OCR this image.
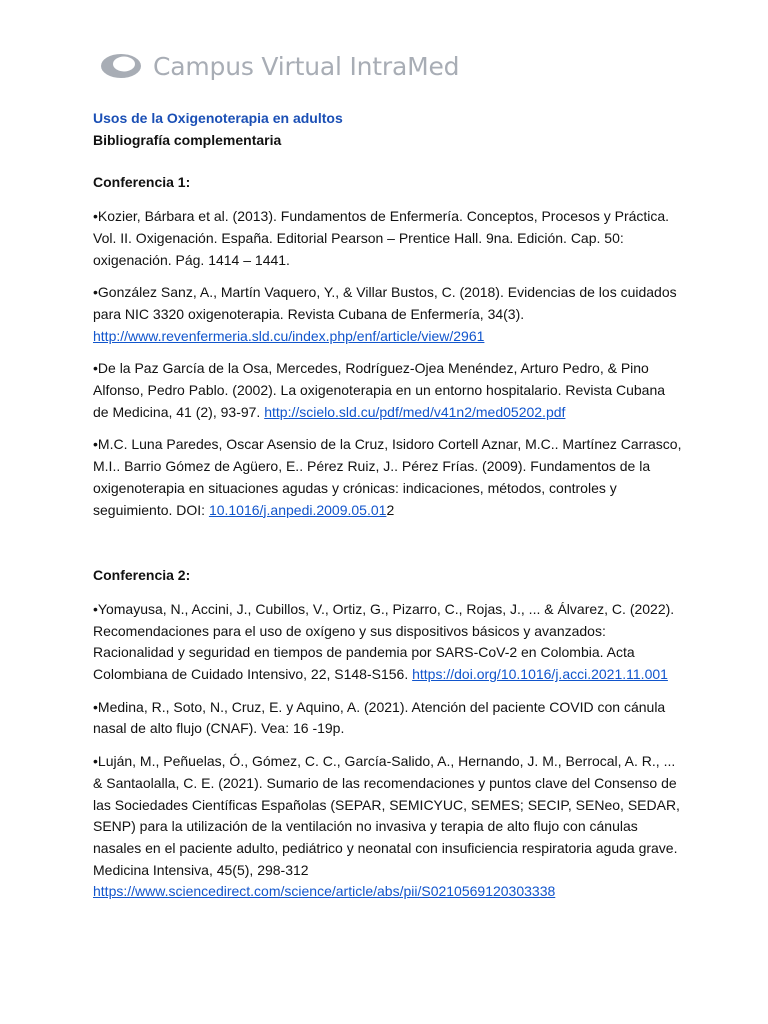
Campus Virtual IntraMed

Usos de la Oxigenoterapia en adultos

Bibliografía complementaria

Conferencia 1:

•Kozier, Bárbara et al. (2013). Fundamentos de Enfermería. Conceptos, Procesos y Práctica. Vol. II. Oxigenación. España. Editorial Pearson – Prentice Hall. 9na. Edición. Cap. 50: oxigenación. Pág. 1414 – 1441.

•González Sanz, A., Martín Vaquero, Y., & Villar Bustos, C. (2018). Evidencias de los cuidados para NIC 3320 oxigenoterapia. Revista Cubana de Enfermería, 34(3). http://www.revenfermeria.sld.cu/index.php/enf/article/view/2961

•De la Paz García de la Osa, Mercedes, Rodríguez-Ojea Menéndez, Arturo Pedro, & Pino Alfonso, Pedro Pablo. (2002). La oxigenoterapia en un entorno hospitalario. Revista Cubana de Medicina, 41 (2), 93-97. http://scielo.sld.cu/pdf/med/v41n2/med05202.pdf

•M.C. Luna Paredes, Oscar Asensio de la Cruz, Isidoro Cortell Aznar, M.C.. Martínez Carrasco, M.I.. Barrio Gómez de Agüero, E.. Pérez Ruiz, J.. Pérez Frías. (2009). Fundamentos de la oxigenoterapia en situaciones agudas y crónicas: indicaciones, métodos, controles y seguimiento. DOI: 10.1016/j.anpedi.2009.05.012

Conferencia 2:

•Yomayusa, N., Accini, J., Cubillos, V., Ortiz, G., Pizarro, C., Rojas, J., ... & Álvarez, C. (2022). Recomendaciones para el uso de oxígeno y sus dispositivos básicos y avanzados: Racionalidad y seguridad en tiempos de pandemia por SARS-CoV-2 en Colombia. Acta Colombiana de Cuidado Intensivo, 22, S148-S156. https://doi.org/10.1016/j.acci.2021.11.001

•Medina, R., Soto, N., Cruz, E. y Aquino, A. (2021). Atención del paciente COVID con cánula nasal de alto flujo (CNAF). Vea: 16 -19p.

•Luján, M., Peñuelas, Ó., Gómez, C. C., García-Salido, A., Hernando, J. M., Berrocal, A. R., ... & Santaolalla, C. E. (2021). Sumario de las recomendaciones y puntos clave del Consenso de las Sociedades Científicas Españolas (SEPAR, SEMICYUC, SEMES; SECIP, SENeo, SEDAR, SENP) para la utilización de la ventilación no invasiva y terapia de alto flujo con cánulas nasales en el paciente adulto, pediátrico y neonatal con insuficiencia respiratoria aguda grave. Medicina Intensiva, 45(5), 298-312 https://www.sciencedirect.com/science/article/abs/pii/S0210569120303338
